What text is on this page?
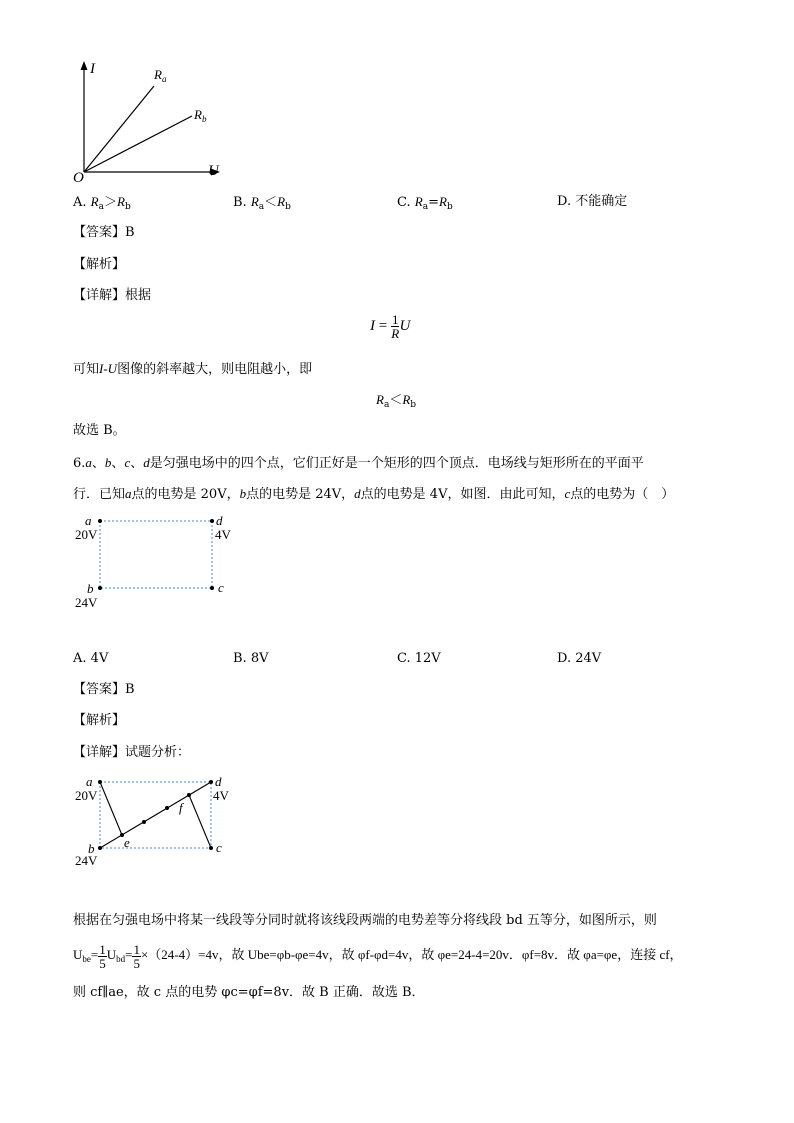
I
U
O
$R_a$
$R_b$
A. $R_a>R_b$	B. $R_a<R_b$	C. $R_a=R_b$	D. 不能确定
【答案】B
【解析】
【详解】根据
$I = \frac{1}{R}$ U
可知I-U图像的斜率越大，则电阻越小，即
$R_a<R_b$
故选 B。
6.a、b、c、d是匀强电场中的四个点，它们正好是一个矩形的四个顶点．电场线与矩形所在的平面平
行．已知a点的电势是 20V，b点的电势是 24V，d点的电势是 4V，如图．由此可知，c点的电势为（　）
a
20V
d
4V
b
24V
c
A. 4V	B. 8V	C. 12V	D. 24V
【答案】B
【解析】
【详解】试题分析：
a
20V
d
4V
b
24V
c
e
f
根据在匀强电场中将某一线段等分同时就将该线段两端的电势差等分将线段 bd 五等分，如图所示，则
$U_{be}= \frac{1}{5} U_{bd}= \frac{1}{5} \times(24-4)=4v$，故 Ube=φb-φe=4v，故 φf-φd=4v，故 φe=24-4=20v．φf=8v．故 φa=φe，连接 cf，
则 cf∥ae，故 c 点的电势 φc=φf=8v．故 B 正确．故选 B．
